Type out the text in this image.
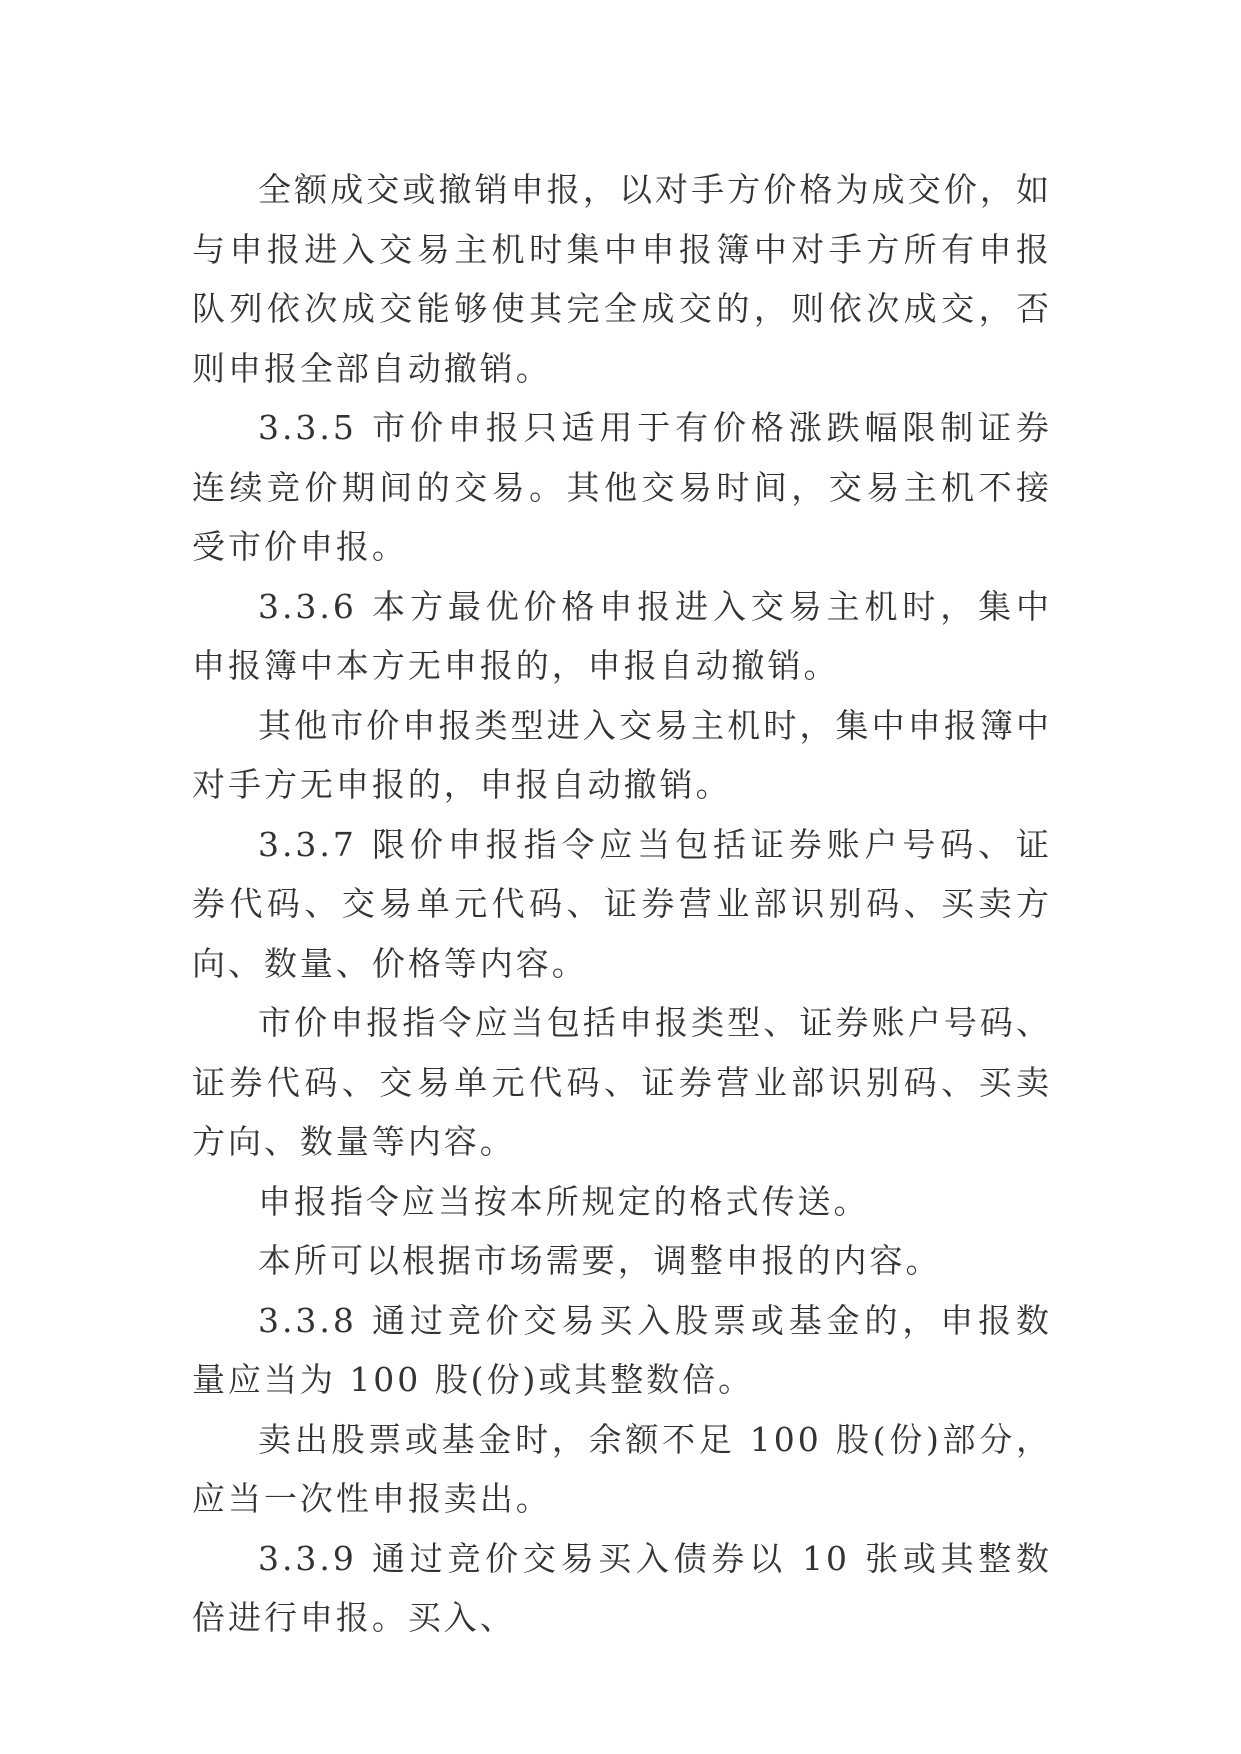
全额成交或撤销申报，以对手方价格为成交价，如与申报进入交易主机时集中申报簿中对手方所有申报队列依次成交能够使其完全成交的，则依次成交，否则申报全部自动撤销。

3.3.5 市价申报只适用于有价格涨跌幅限制证券连续竞价期间的交易。其他交易时间，交易主机不接受市价申报。

3.3.6 本方最优价格申报进入交易主机时，集中申报簿中本方无申报的，申报自动撤销。

其他市价申报类型进入交易主机时，集中申报簿中对手方无申报的，申报自动撤销。

3.3.7 限价申报指令应当包括证券账户号码、证券代码、交易单元代码、证券营业部识别码、买卖方向、数量、价格等内容。

市价申报指令应当包括申报类型、证券账户号码、证券代码、交易单元代码、证券营业部识别码、买卖方向、数量等内容。

申报指令应当按本所规定的格式传送。

本所可以根据市场需要，调整申报的内容。

3.3.8 通过竞价交易买入股票或基金的，申报数量应当为 100 股(份)或其整数倍。

卖出股票或基金时，余额不足 100 股(份)部分，应当一次性申报卖出。

3.3.9 通过竞价交易买入债券以 10 张或其整数倍进行申报。买入、
